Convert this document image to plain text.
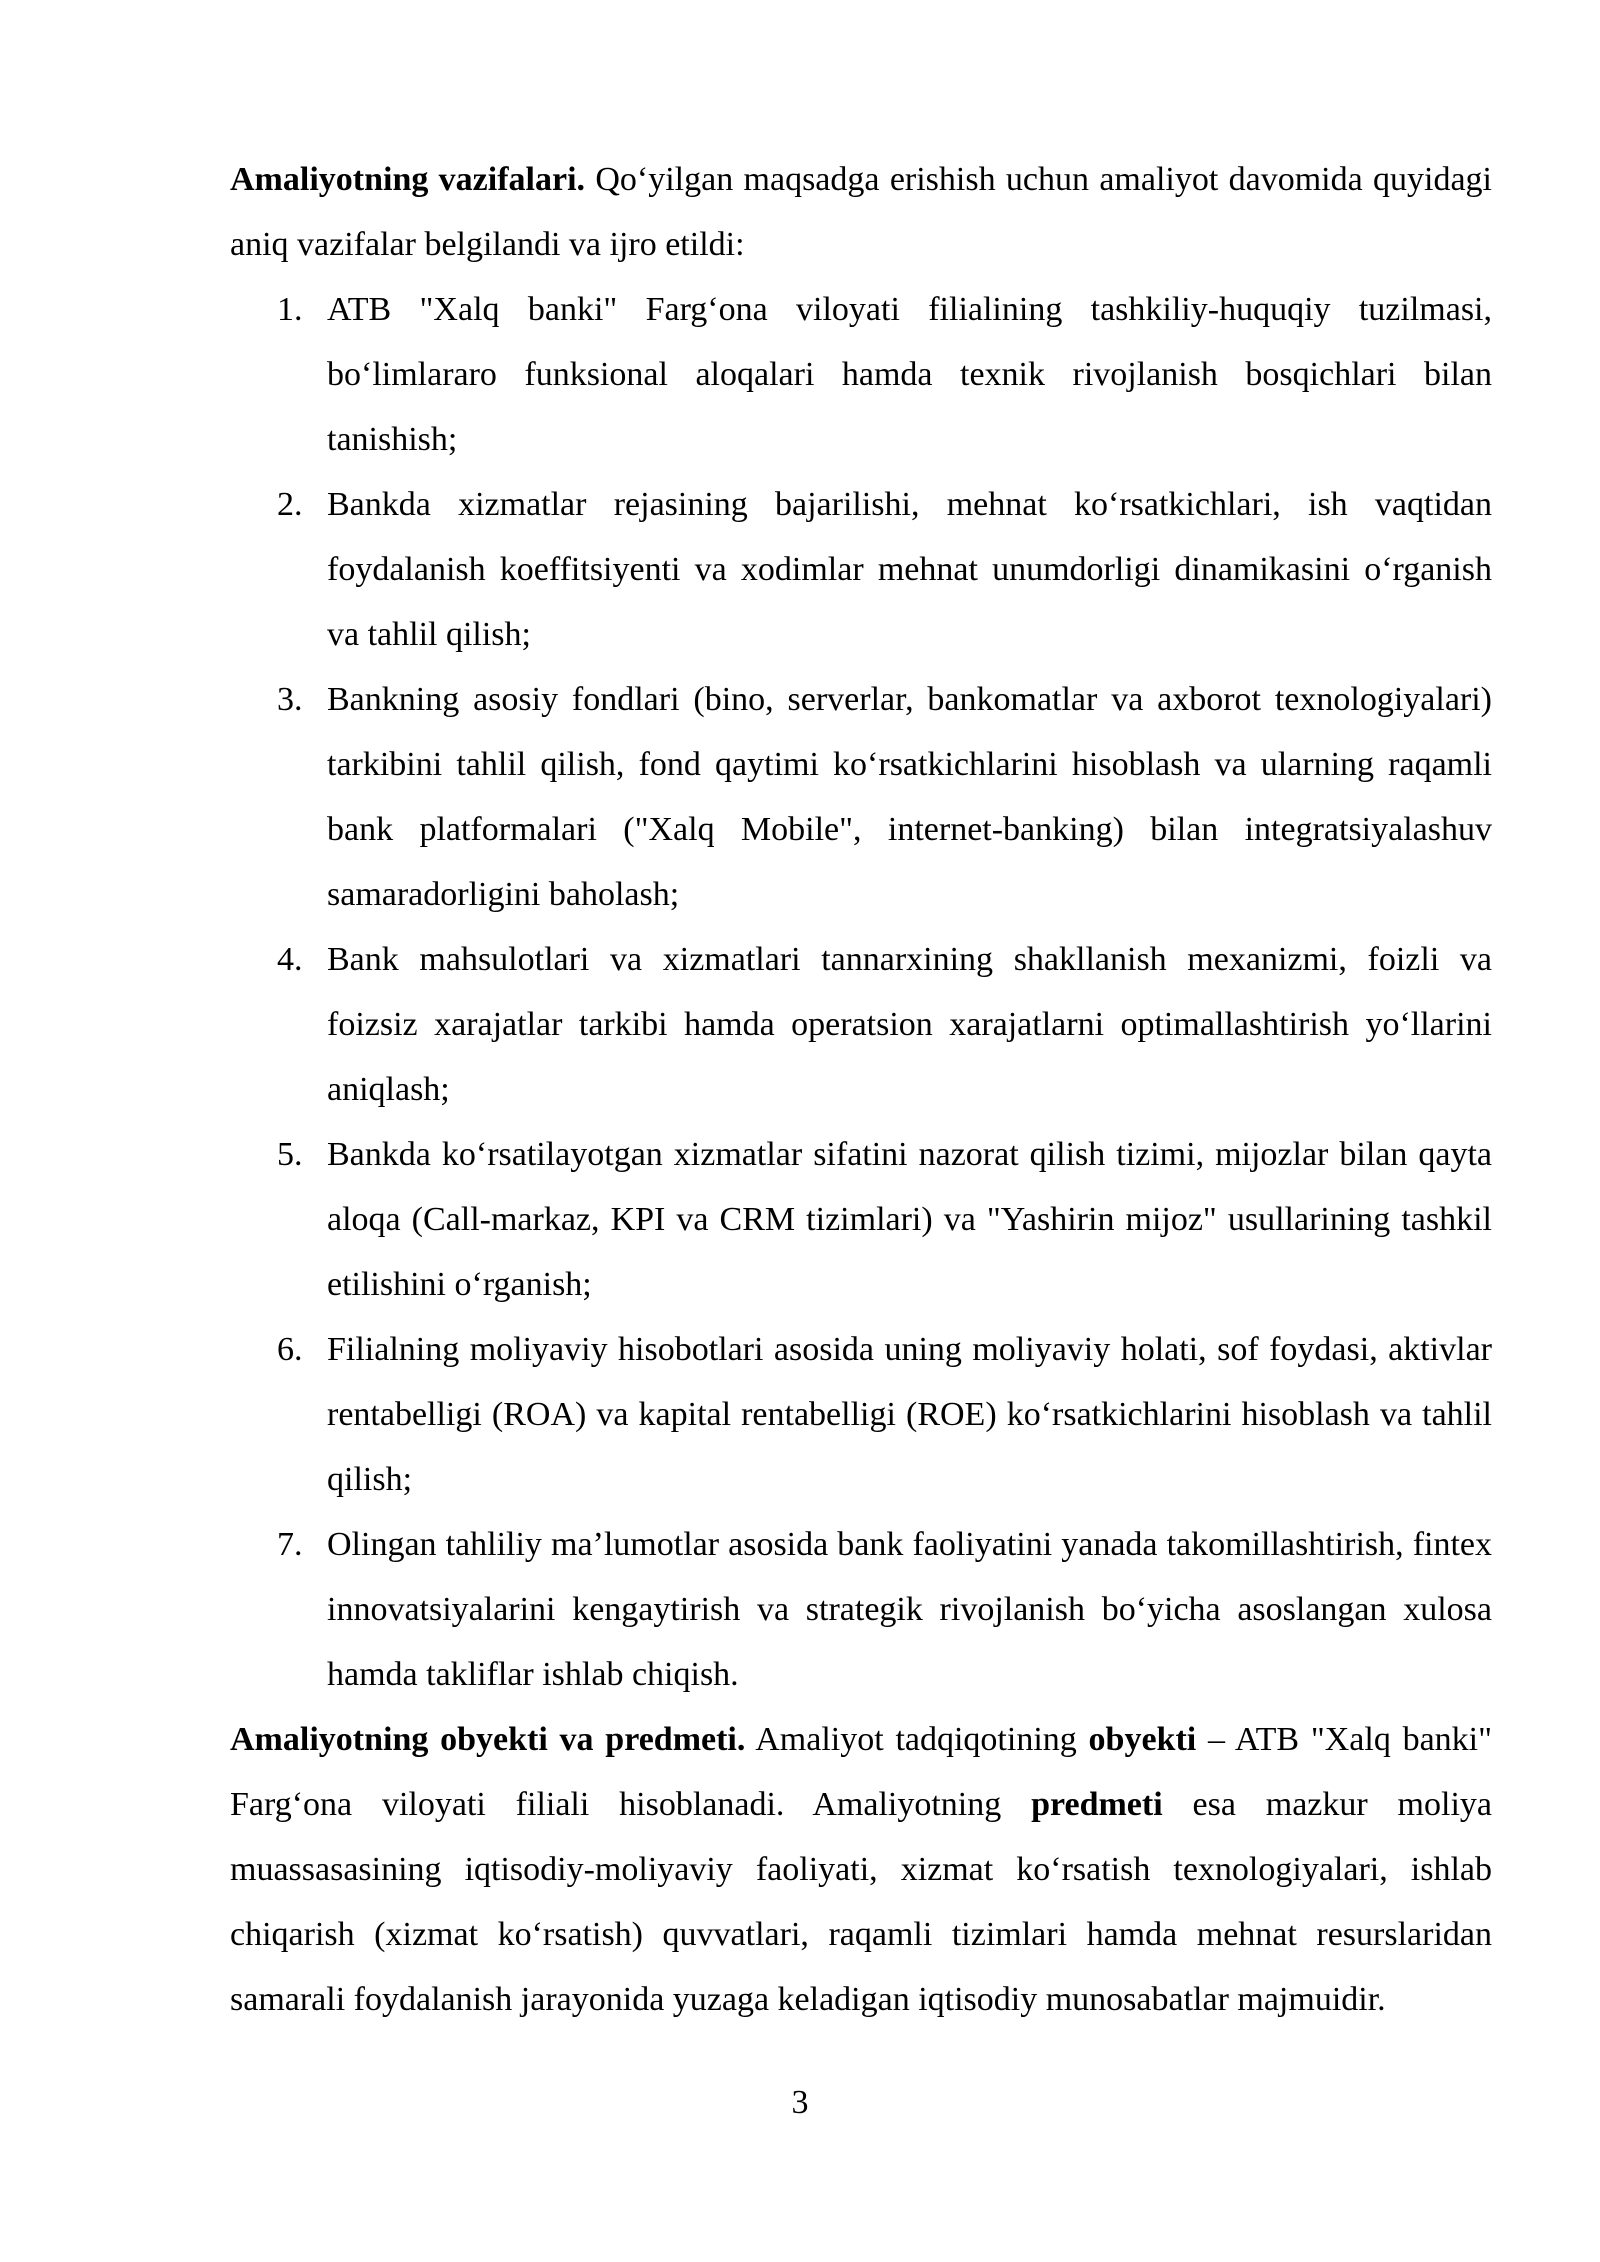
Amaliyotning vazifalari. Qo‘yilgan maqsadga erishish uchun amaliyot davomida quyidagi aniq vazifalar belgilandi va ijro etildi:

1. ATB "Xalq banki" Farg‘ona viloyati filialining tashkiliy-huquqiy tuzilmasi, bo‘limlararo funksional aloqalari hamda texnik rivojlanish bosqichlari bilan tanishish;
2. Bankda xizmatlar rejasining bajarilishi, mehnat ko‘rsatkichlari, ish vaqtidan foydalanish koeffitsiyenti va xodimlar mehnat unumdorligi dinamikasini o‘rganish va tahlil qilish;
3. Bankning asosiy fondlari (bino, serverlar, bankomatlar va axborot texnologiyalari) tarkibini tahlil qilish, fond qaytimi ko‘rsatkichlarini hisoblash va ularning raqamli bank platformalari ("Xalq Mobile", internet-banking) bilan integratsiyalashuv samaradorligini baholash;
4. Bank mahsulotlari va xizmatlari tannarxining shakllanish mexanizmi, foizli va foizsiz xarajatlar tarkibi hamda operatsion xarajatlarni optimallashtirish yo‘llarini aniqlash;
5. Bankda ko‘rsatilayotgan xizmatlar sifatini nazorat qilish tizimi, mijozlar bilan qayta aloqa (Call-markaz, KPI va CRM tizimlari) va "Yashirin mijoz" usullarining tashkil etilishini o‘rganish;
6. Filialning moliyaviy hisobotlari asosida uning moliyaviy holati, sof foydasi, aktivlar rentabelligi (ROA) va kapital rentabelligi (ROE) ko‘rsatkichlarini hisoblash va tahlil qilish;
7. Olingan tahliliy ma’lumotlar asosida bank faoliyatini yanada takomillashtirish, fintex innovatsiyalarini kengaytirish va strategik rivojlanish bo‘yicha asoslangan xulosa hamda takliflar ishlab chiqish.

Amaliyotning obyekti va predmeti. Amaliyot tadqiqotining obyekti – ATB "Xalq banki" Farg‘ona viloyati filiali hisoblanadi. Amaliyotning predmeti esa mazkur moliya muassasasining iqtisodiy-moliyaviy faoliyati, xizmat ko‘rsatish texnologiyalari, ishlab chiqarish (xizmat ko‘rsatish) quvvatlari, raqamli tizimlari hamda mehnat resurslaridan samarali foydalanish jarayonida yuzaga keladigan iqtisodiy munosabatlar majmuidir.

3
